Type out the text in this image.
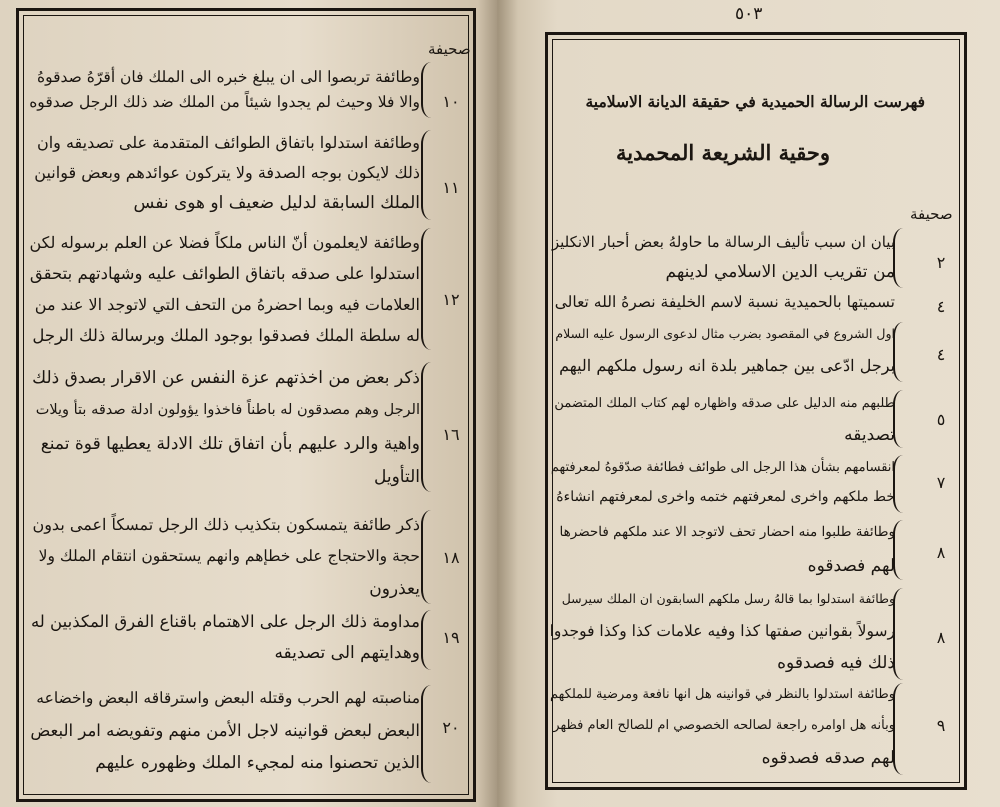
صحيفة
١٠
وطائفة تربصوا الى ان يبلغ خبره الى الملك فان أقرّهُ صدقوهُ
والا فلا وحيث لم يجدوا شيئاً من الملك ضد ذلك الرجل صدقوه
١١
وطائفة استدلوا باتفاق الطوائف المتقدمة على تصديقه وان
ذلك لايكون بوجه الصدفة ولا يتركون عوائدهم وبعض قوانين
الملك السابقة لدليل ضعيف او هوى نفس
١٢
وطائفة لايعلمون أنّ الناس ملكاً فضلا عن العلم برسوله لكن
استدلوا على صدقه باتفاق الطوائف عليه وشهادتهم بتحقق
العلامات فيه وبما احضرهُ من التحف التي لاتوجد الا عند من
له سلطة الملك فصدقوا بوجود الملك وبرسالة ذلك الرجل
١٦
ذكر بعض من اخذتهم عزة النفس عن الاقرار بصدق ذلك
الرجل وهم مصدقون له باطناً فاخذوا يؤولون ادلة صدقه بتأ ويلات
واهية والرد عليهم بأن اتفاق تلك الادلة يعطيها قوة تمنع
التأويل
١٨
ذكر طائفة يتمسكون بتكذيب ذلك الرجل تمسكاً اعمى بدون
حجة والاحتجاج على خطإهم وانهم يستحقون انتقام الملك ولا
يعذرون
١٩
مداومة ذلك الرجل على الاهتمام باقناع الفرق المكذبين له
وهدايتهم الى تصديقه
٢٠
مناصبته لهم الحرب وقتله البعض واسترقاقه البعض واخضاعه
البعض لبعض قوانينه لاجل الأمن منهم وتفويضه امر البعض
الذين تحصنوا منه لمجيء الملك وظهوره عليهم
٥٠٣
فهرست الرسالة الحميدية في حقيقة الديانة الاسلامية
وحقية الشريعة المحمدية
صحيفة
٢
بيان ان سبب تأليف الرسالة ما حاولهُ بعض أحبار الانكليز
من تقريب الدين الاسلامي لدينهم
٤
تسميتها بالحميدية نسبة لاسم الخليفة نصرهُ الله تعالى
٤
اول الشروع في المقصود بضرب مثال لدعوى الرسول عليه السلام
برجل ادّعى بين جماهير بلدة انه رسول ملكهم اليهم
٥
طلبهم منه الدليل على صدقه واظهاره لهم كتاب الملك المتضمن
تصديقه
٧
انقسامهم بشأن هذا الرجل الى طوائف فطائفة صدّقوهُ لمعرفتهم
خط ملكهم واخرى لمعرفتهم ختمه واخرى لمعرفتهم انشاءهُ
٨
وطائفة طلبوا منه احضار تحف لاتوجد الا عند ملكهم فاحضرها
لهم فصدقوه
٨
وطائفة استدلوا بما قالهُ رسل ملكهم السابقون ان الملك سيرسل
رسولاً بقوانين صفتها كذا وفيه علامات كذا وكذا فوجدوا
ذلك فيه فصدقوه
٩
وطائفة استدلوا بالنظر في قوانينه هل انها نافعة ومرضية للملكهم
وبأنه هل اوامره راجعة لصالحه الخصوصي ام للصالح العام فظهر
لهم صدقه فصدقوه
